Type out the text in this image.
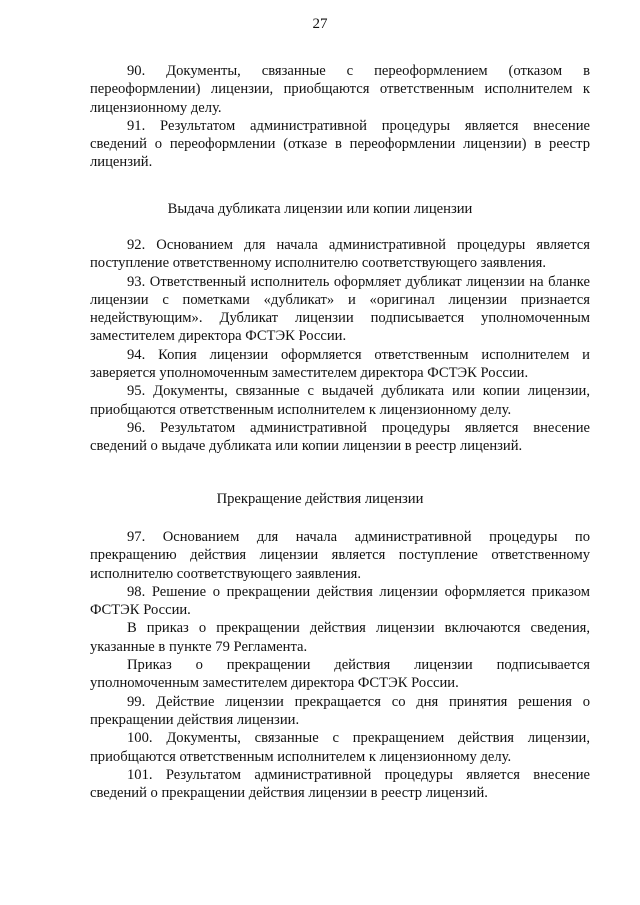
27

90. Документы, связанные с переоформлением (отказом в переоформлении) лицензии, приобщаются ответственным исполнителем к лицензионному делу.

91. Результатом административной процедуры является внесение сведений о переоформлении (отказе в переоформлении лицензии) в реестр лицензий.

Выдача дубликата лицензии или копии лицензии

92. Основанием для начала административной процедуры является поступление ответственному исполнителю соответствующего заявления.

93. Ответственный исполнитель оформляет дубликат лицензии на бланке лицензии с пометками «дубликат» и «оригинал лицензии признается недействующим». Дубликат лицензии подписывается уполномоченным заместителем директора ФСТЭК России.

94. Копия лицензии оформляется ответственным исполнителем и заверяется уполномоченным заместителем директора ФСТЭК России.

95. Документы, связанные с выдачей дубликата или копии лицензии, приобщаются ответственным исполнителем к лицензионному делу.

96. Результатом административной процедуры является внесение сведений о выдаче дубликата или копии лицензии в реестр лицензий.

Прекращение действия лицензии

97. Основанием для начала административной процедуры по прекращению действия лицензии является поступление ответственному исполнителю соответствующего заявления.

98. Решение о прекращении действия лицензии оформляется приказом ФСТЭК России.

В приказ о прекращении действия лицензии включаются сведения, указанные в пункте 79 Регламента.

Приказ о прекращении действия лицензии подписывается уполномоченным заместителем директора ФСТЭК России.

99. Действие лицензии прекращается со дня принятия решения о прекращении действия лицензии.

100. Документы, связанные с прекращением действия лицензии, приобщаются ответственным исполнителем к лицензионному делу.

101. Результатом административной процедуры является внесение сведений о прекращении действия лицензии в реестр лицензий.
